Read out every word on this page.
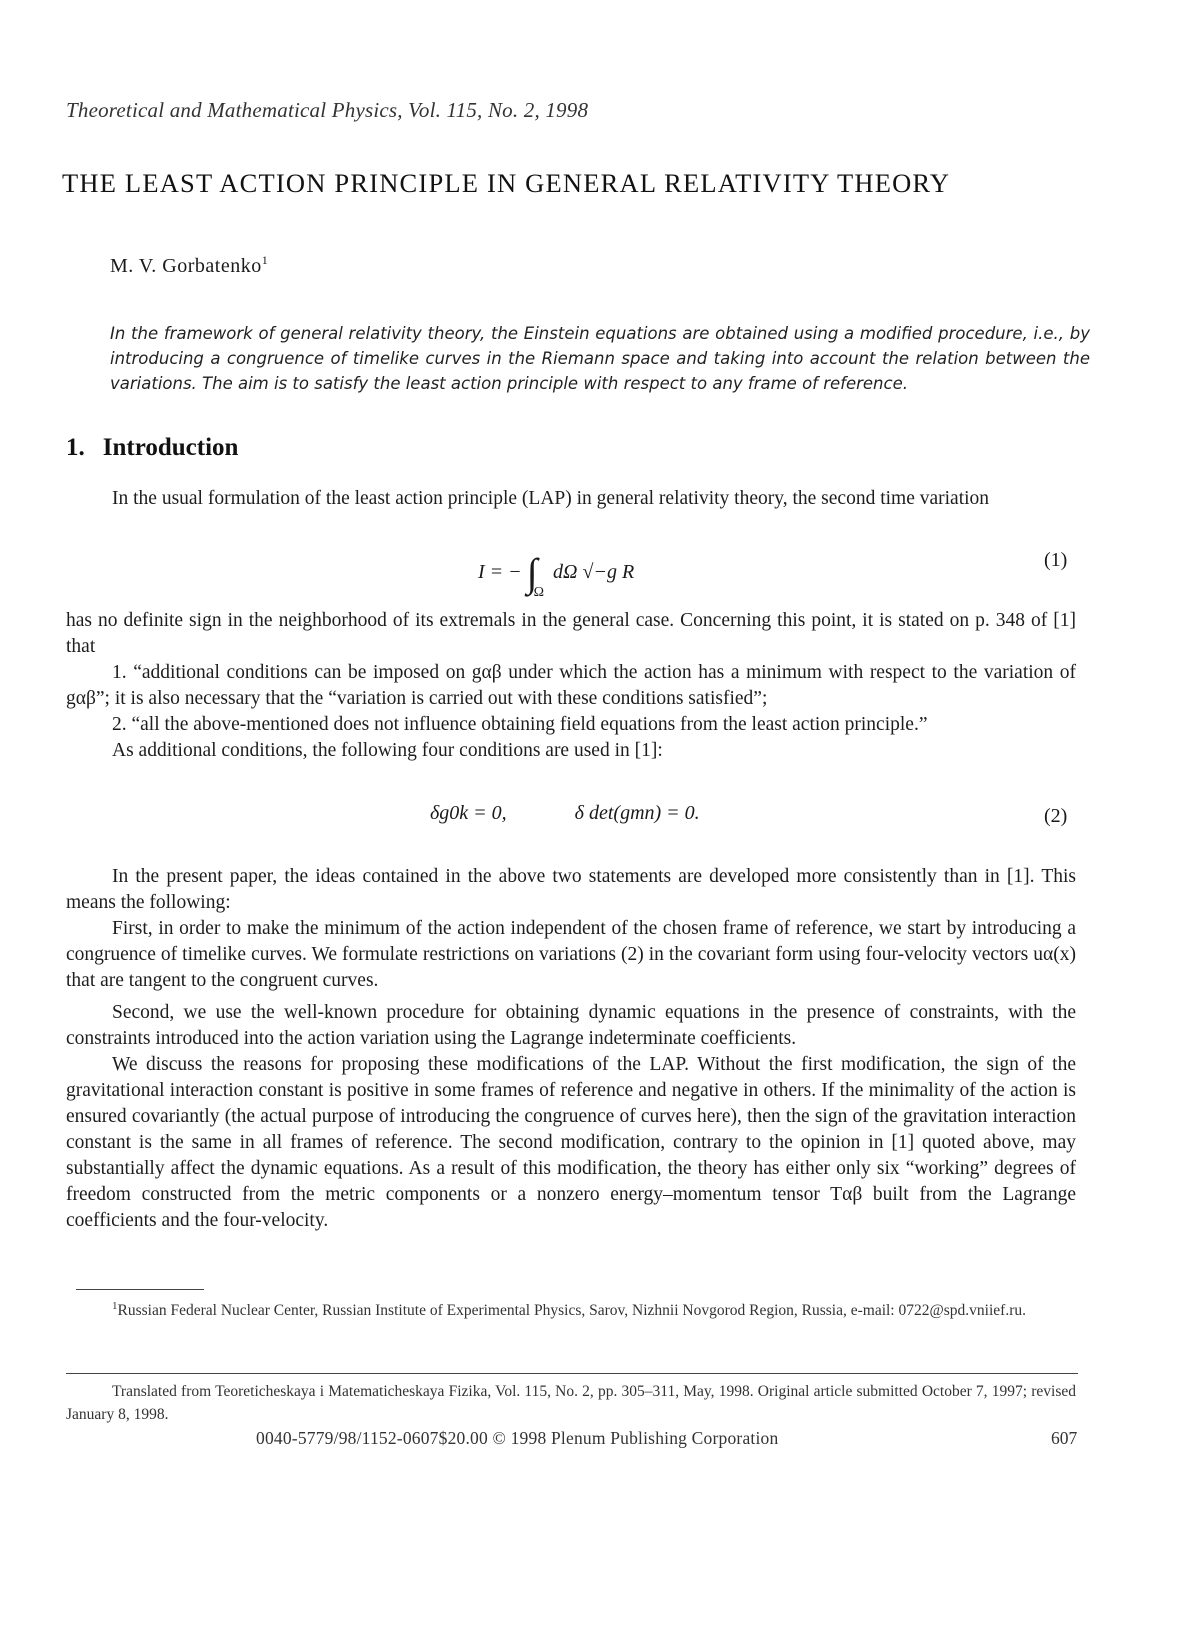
Theoretical and Mathematical Physics, Vol. 115, No. 2, 1998
THE LEAST ACTION PRINCIPLE IN GENERAL RELATIVITY THEORY
M. V. Gorbatenko$^1$
In the framework of general relativity theory, the Einstein equations are obtained using a modified procedure, i.e., by introducing a congruence of timelike curves in the Riemann space and taking into account the relation between the variations. The aim is to satisfy the least action principle with respect to any frame of reference.
1. Introduction
In the usual formulation of the least action principle (LAP) in general relativity theory, the second time variation
I = − $\int_\Omega$ dΩ √−g R
(1)
has no definite sign in the neighborhood of its extremals in the general case. Concerning this point, it is stated on p. 348 of [1] that
1. “additional conditions can be imposed on gαβ under which the action has a minimum with respect to the variation of gαβ”; it is also necessary that the “variation is carried out with these conditions satisfied”;
2. “all the above-mentioned does not influence obtaining field equations from the least action principle.”
As additional conditions, the following four conditions are used in [1]:
δg0k = 0,	δ det(gmn) = 0.	(2)
In the present paper, the ideas contained in the above two statements are developed more consistently than in [1]. This means the following:
First, in order to make the minimum of the action independent of the chosen frame of reference, we start by introducing a congruence of timelike curves. We formulate restrictions on variations (2) in the covariant form using four-velocity vectors uα(x) that are tangent to the congruent curves.
Second, we use the well-known procedure for obtaining dynamic equations in the presence of constraints, with the constraints introduced into the action variation using the Lagrange indeterminate coefficients.
We discuss the reasons for proposing these modifications of the LAP. Without the first modification, the sign of the gravitational interaction constant is positive in some frames of reference and negative in others. If the minimality of the action is ensured covariantly (the actual purpose of introducing the congruence of curves here), then the sign of the gravitation interaction constant is the same in all frames of reference. The second modification, contrary to the opinion in [1] quoted above, may substantially affect the dynamic equations. As a result of this modification, the theory has either only six “working” degrees of freedom constructed from the metric components or a nonzero energy–momentum tensor Tαβ built from the Lagrange coefficients and the four-velocity.
$^1$Russian Federal Nuclear Center, Russian Institute of Experimental Physics, Sarov, Nizhnii Novgorod Region, Russia, e-mail: 0722@spd.vniief.ru.
Translated from Teoreticheskaya i Matematicheskaya Fizika, Vol. 115, No. 2, pp. 305–311, May, 1998. Original article submitted October 7, 1997; revised January 8, 1998.
0040-5779/98/1152-0607$20.00 © 1998 Plenum Publishing Corporation	607
